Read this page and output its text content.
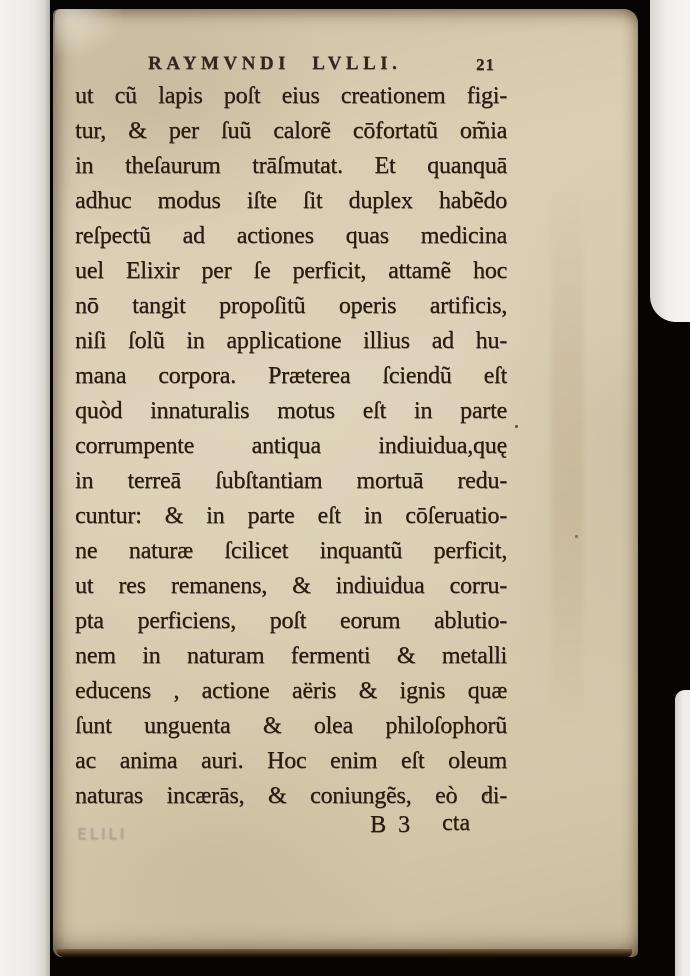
RAYMVNDI LVLLI.	21
ut cũ lapis poſt eius creationem figi-
tur, & per ſuũ calorẽ cōfortatũ om̃ia
in theſaurum trāſmutat. Et quanquā
adhuc modus iſte ſit duplex habẽdo
reſpectũ ad actiones quas medicina
uel Elixir per ſe perficit, attamẽ hoc
nō tangit propoſitũ operis artificis,
niſi ſolũ in applicatione illius ad hu-
mana corpora. Præterea ſciendũ eſt
quòd innaturalis motus eſt in parte
corrumpente antiqua indiuidua,quę
in terreā ſubſtantiam mortuā redu-
cuntur: & in parte eſt in cōſeruatio-
ne naturæ ſcilicet inquantũ perficit,
ut res remanens, & indiuidua corru-
pta perficiens, poſt eorum ablutio-
nem in naturam fermenti & metalli
educens , actione aëris & ignis quæ
ſunt unguenta & olea philoſophorũ
ac anima auri. Hoc enim eſt oleum
naturas incærās, & coniungẽs, eò di-
ELILI	B 3 cta
